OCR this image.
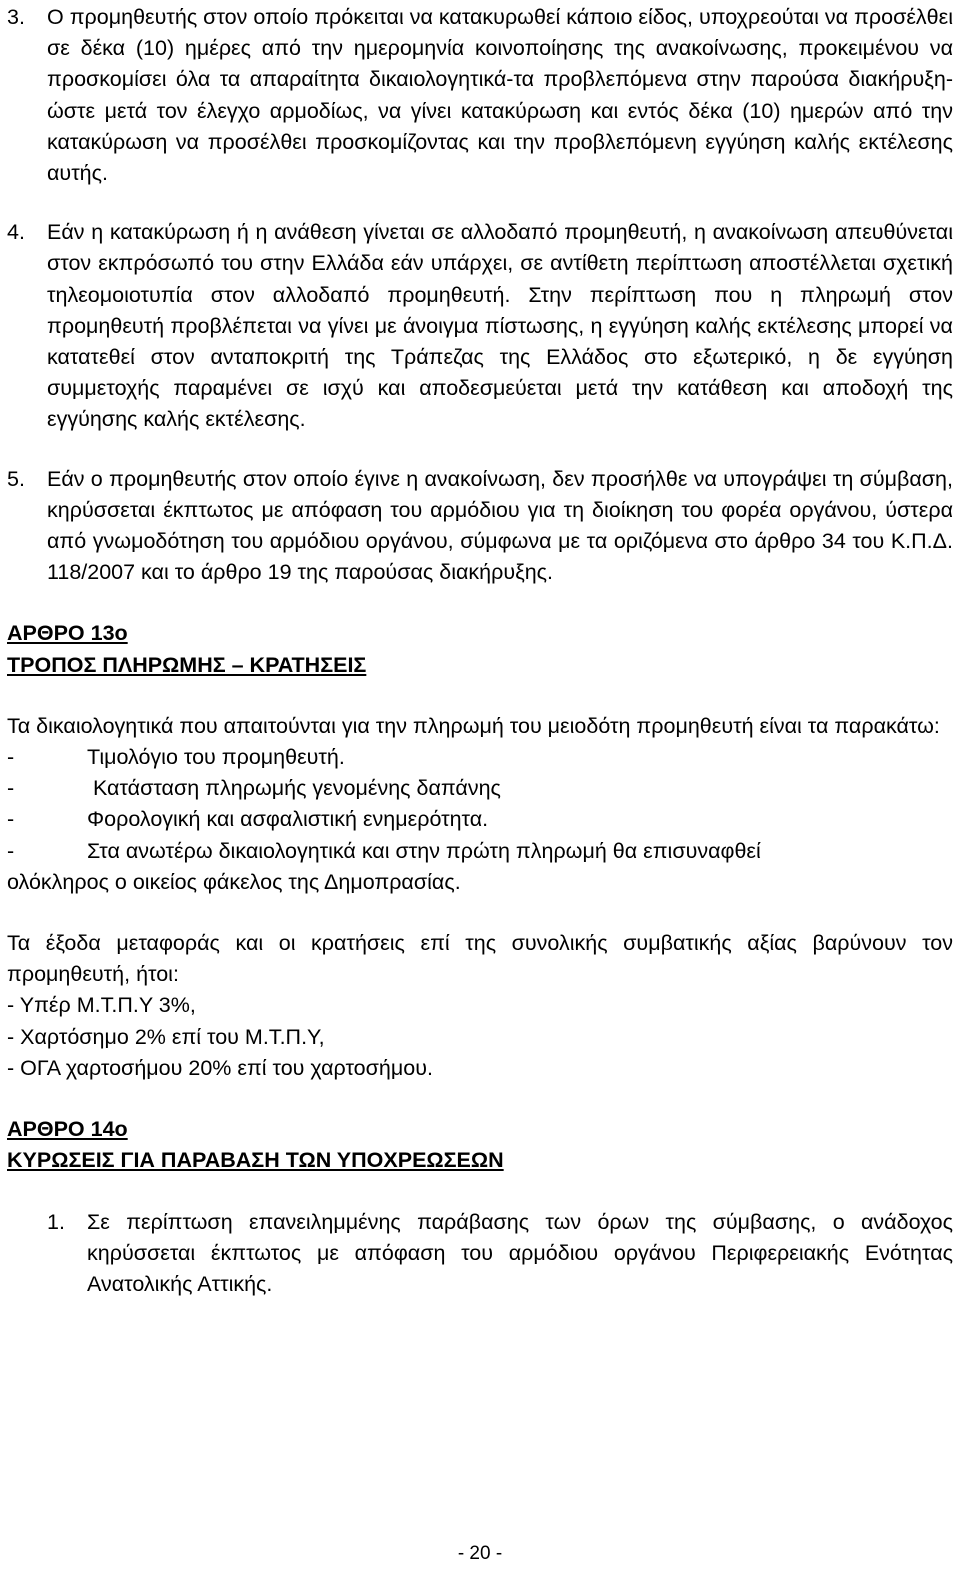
3.	Ο προμηθευτής στον οποίο πρόκειται να κατακυρωθεί κάποιο είδος, υποχρεούται να προσέλθει σε δέκα (10) ημέρες από την ημερομηνία κοινοποίησης της ανακοίνωσης, προκειμένου να προσκομίσει όλα τα απαραίτητα δικαιολογητικά-τα προβλεπόμενα στην παρούσα διακήρυξη-ώστε μετά τον έλεγχο αρμοδίως, να γίνει κατακύρωση και εντός δέκα (10) ημερών από την κατακύρωση να προσέλθει προσκομίζοντας και την προβλεπόμενη εγγύηση καλής εκτέλεσης αυτής.
4.	Εάν η κατακύρωση ή η ανάθεση γίνεται σε αλλοδαπό προμηθευτή, η ανακοίνωση απευθύνεται στον εκπρόσωπό του στην Ελλάδα εάν υπάρχει, σε αντίθετη περίπτωση αποστέλλεται σχετική τηλεομοιοτυπία στον αλλοδαπό προμηθευτή. Στην περίπτωση που η πληρωμή στον προμηθευτή προβλέπεται να γίνει με άνοιγμα πίστωσης, η εγγύηση καλής εκτέλεσης μπορεί να κατατεθεί στον ανταποκριτή της Τράπεζας της Ελλάδος στο εξωτερικό, η δε εγγύηση συμμετοχής παραμένει σε ισχύ και αποδεσμεύεται μετά την κατάθεση και αποδοχή της εγγύησης καλής εκτέλεσης.
5.	Εάν ο προμηθευτής στον οποίο έγινε η ανακοίνωση, δεν προσήλθε να υπογράψει τη σύμβαση, κηρύσσεται έκπτωτος με απόφαση του αρμόδιου για τη διοίκηση του φορέα οργάνου, ύστερα από γνωμοδότηση του αρμόδιου οργάνου, σύμφωνα με τα οριζόμενα στο άρθρο 34 του Κ.Π.Δ. 118/2007 και το άρθρο 19 της παρούσας διακήρυξης.

ΑΡΘΡΟ 13ο

ΤΡΟΠΟΣ ΠΛΗΡΩΜΗΣ – ΚΡΑΤΗΣΕΙΣ

Τα δικαιολογητικά που απαιτούνται για την πληρωμή του μειοδότη προμηθευτή είναι τα παρακάτω:

-	Τιμολόγιο του προμηθευτή.
-	Κατάσταση πληρωμής γενομένης δαπάνης
-	Φορολογική και ασφαλιστική ενημερότητα.
-	Στα ανωτέρω δικαιολογητικά και στην πρώτη πληρωμή θα επισυναφθεί

ολόκληρος ο οικείος φάκελος της Δημοπρασίας.

Τα έξοδα μεταφοράς και οι κρατήσεις επί της συνολικής συμβατικής αξίας βαρύνουν τον προμηθευτή, ήτοι:

- Υπέρ Μ.Τ.Π.Υ 3%,

- Χαρτόσημο 2% επί του Μ.Τ.Π.Υ,

- ΟΓΑ χαρτοσήμου 20% επί του χαρτοσήμου.

ΑΡΘΡΟ 14ο

ΚΥΡΩΣΕΙΣ ΓΙΑ ΠΑΡΑΒΑΣΗ ΤΩΝ ΥΠΟΧΡΕΩΣΕΩΝ

1.	Σε περίπτωση επανειλημμένης παράβασης των όρων της σύμβασης, ο ανάδοχος κηρύσσεται έκπτωτος με απόφαση του αρμόδιου οργάνου Περιφερειακής Ενότητας Ανατολικής Αττικής.
- 20 -
